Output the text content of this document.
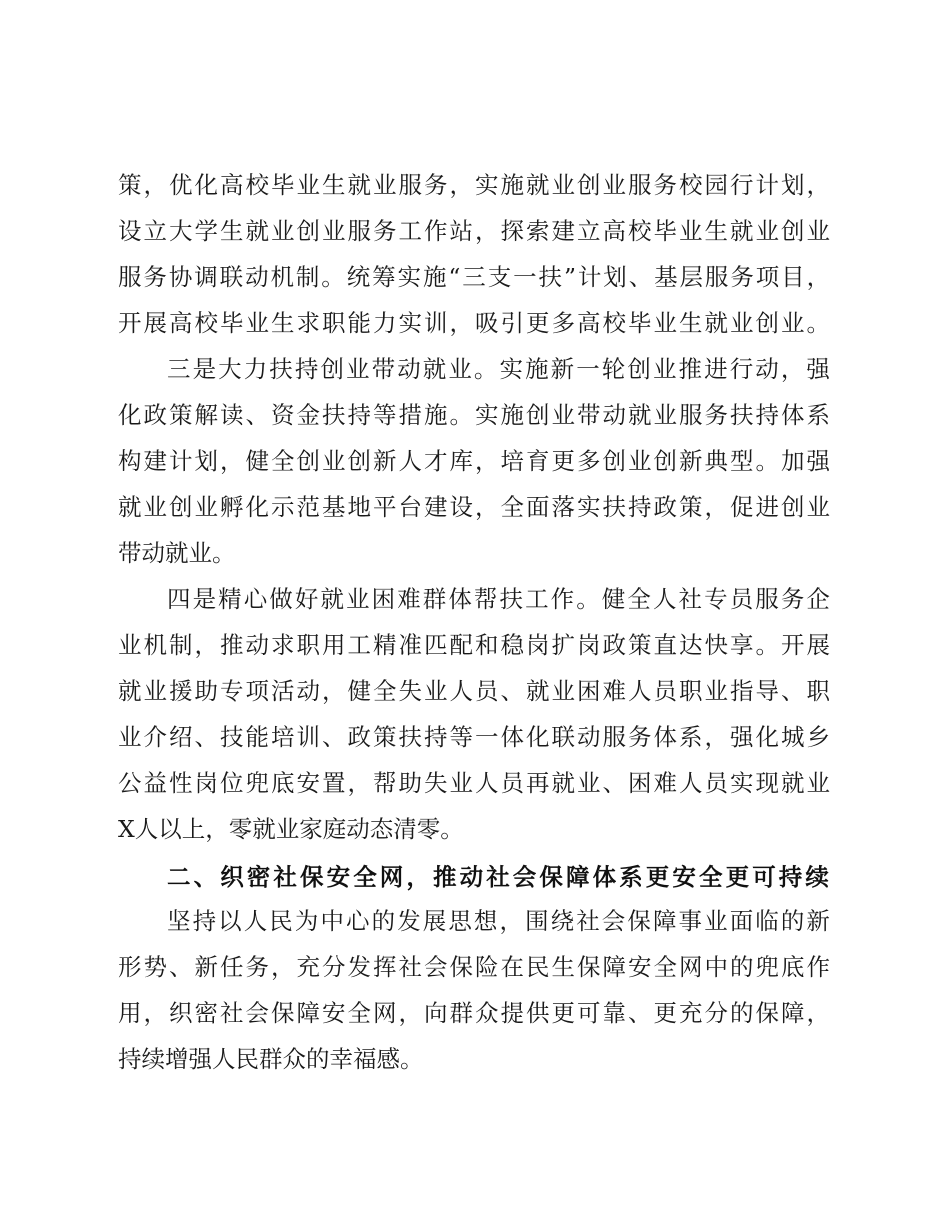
策，优化高校毕业生就业服务，实施就业创业服务校园行计划，
设立大学生就业创业服务工作站，探索建立高校毕业生就业创业
服务协调联动机制。统筹实施“三支一扶”计划、基层服务项目，
开展高校毕业生求职能力实训，吸引更多高校毕业生就业创业。
三是大力扶持创业带动就业。实施新一轮创业推进行动，强
化政策解读、资金扶持等措施。实施创业带动就业服务扶持体系
构建计划，健全创业创新人才库，培育更多创业创新典型。加强
就业创业孵化示范基地平台建设，全面落实扶持政策，促进创业
带动就业。
四是精心做好就业困难群体帮扶工作。健全人社专员服务企
业机制，推动求职用工精准匹配和稳岗扩岗政策直达快享。开展
就业援助专项活动，健全失业人员、就业困难人员职业指导、职
业介绍、技能培训、政策扶持等一体化联动服务体系，强化城乡
公益性岗位兜底安置，帮助失业人员再就业、困难人员实现就业
X人以上，零就业家庭动态清零。
二、织密社保安全网，推动社会保障体系更安全更可持续
坚持以人民为中心的发展思想，围绕社会保障事业面临的新
形势、新任务，充分发挥社会保险在民生保障安全网中的兜底作
用，织密社会保障安全网，向群众提供更可靠、更充分的保障，
持续增强人民群众的幸福感。
